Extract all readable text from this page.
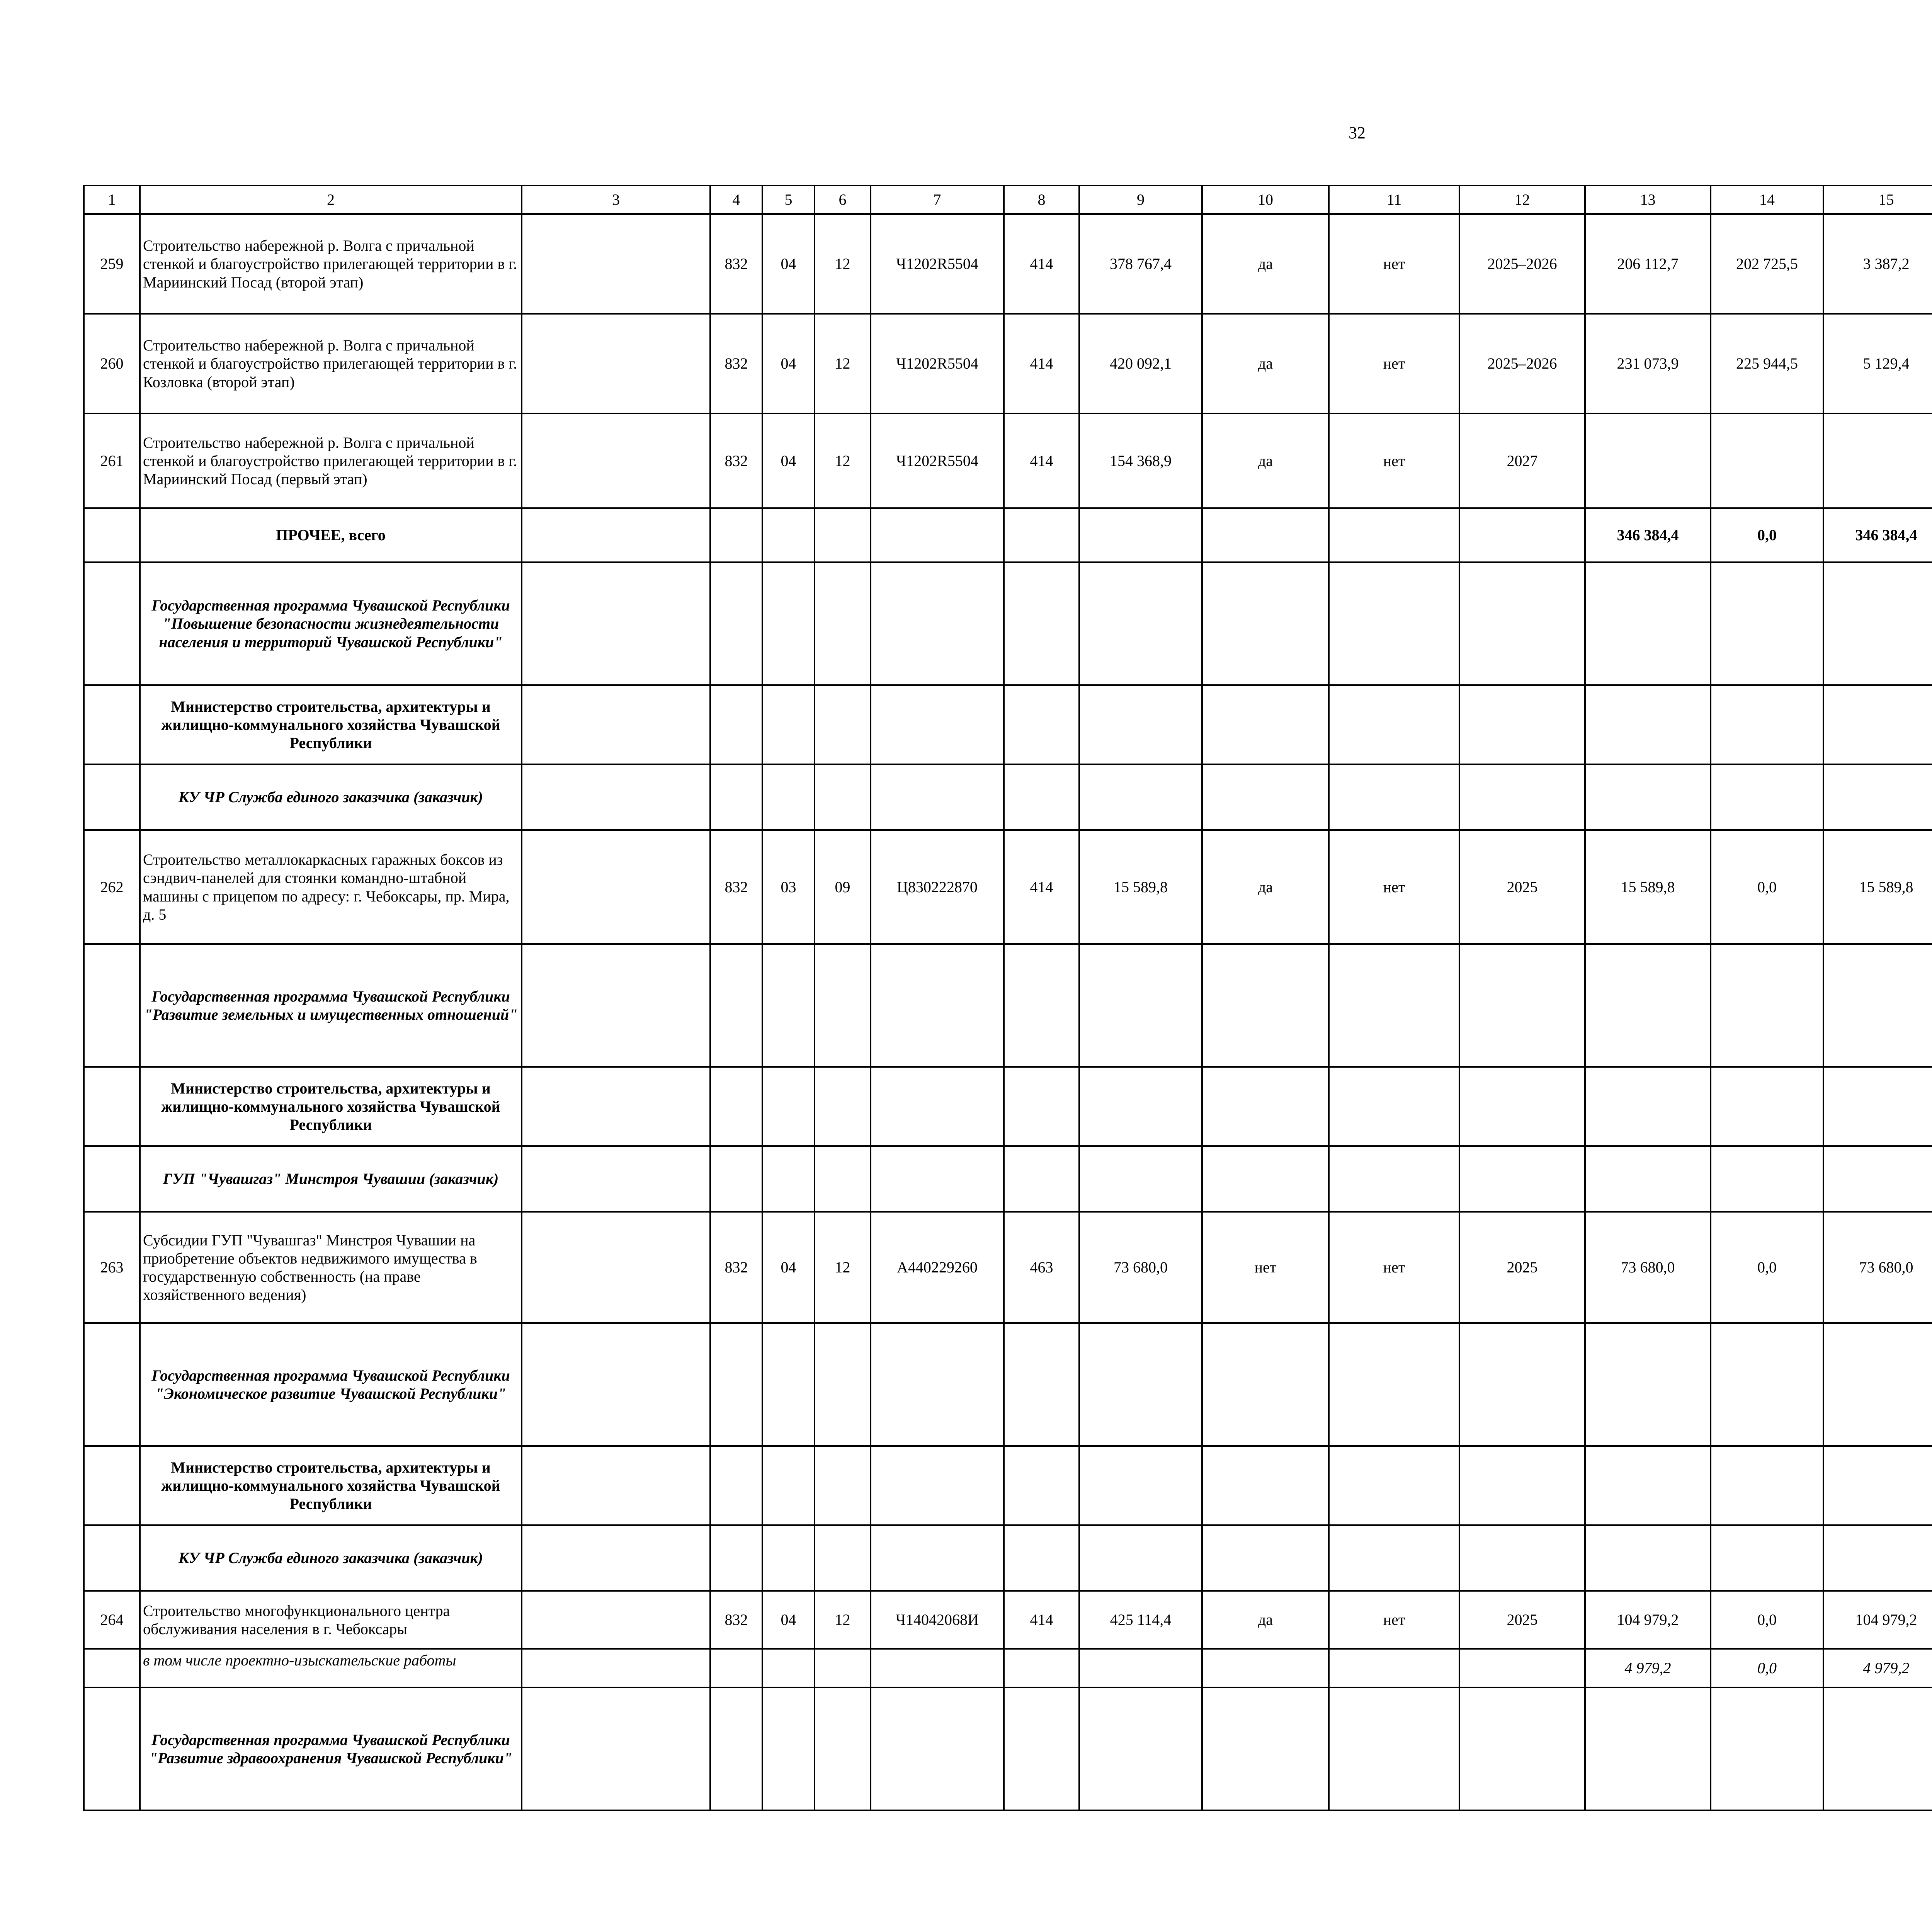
32
1	2	3	4	5	6	7	8	9	10	11	12	13	14	15						
259	Строительство набережной р. Волга с причальной стенкой и благоустройство прилегающей территории в г. Мариинский Посад (второй этап)		832	04	12	Ч1202R5504	414	378 767,4	да	нет	2025–2026	206 112,7	202 725,5	3 387,2						
260	Строительство набережной р. Волга с причальной стенкой и благоустройство прилегающей территории в г. Козловка (второй этап)		832	04	12	Ч1202R5504	414	420 092,1	да	нет	2025–2026	231 073,9	225 944,5	5 129,4						
261	Строительство набережной р. Волга с причальной стенкой и благоустройство прилегающей территории в г. Мариинский Посад (первый этап)		832	04	12	Ч1202R5504	414	154 368,9	да	нет	2027									
	ПРОЧЕЕ, всего											346 384,4	0,0	346 384,4						
	Государственная программа Чувашской Республики "Повышение безопасности жизнедеятельности населения и территорий Чувашской Республики"																			
	Министерство строительства, архитектуры и жилищно-коммунального хозяйства Чувашской Республики																			
	КУ ЧР Служба единого заказчика (заказчик)																			
262	Строительство металлокаркасных гаражных боксов из сэндвич-панелей для стоянки командно-штабной машины с прицепом по адресу: г. Чебоксары, пр. Мира, д. 5		832	03	09	Ц830222870	414	15 589,8	да	нет	2025	15 589,8	0,0	15 589,8						
	Государственная программа Чувашской Республики "Развитие земельных и имущественных отношений"																			
	Министерство строительства, архитектуры и жилищно-коммунального хозяйства Чувашской Республики																			
	ГУП "Чувашгаз" Минстроя Чувашии (заказчик)																			
263	Субсидии ГУП "Чувашгаз" Минстроя Чувашии на приобретение объектов недвижимого имущества в государственную собственность (на праве хозяйственного ведения)		832	04	12	А440229260	463	73 680,0	нет	нет	2025	73 680,0	0,0	73 680,0						
	Государственная программа Чувашской Республики "Экономическое развитие Чувашской Республики"																			
	Министерство строительства, архитектуры и жилищно-коммунального хозяйства Чувашской Республики																			
	КУ ЧР Служба единого заказчика (заказчик)																			
264	Строительство многофункционального центра обслуживания населения в г. Чебоксары		832	04	12	Ч14042068И	414	425 114,4	да	нет	2025	104 979,2	0,0	104 979,2						
	в том числе проектно-изыскательские работы											4 979,2	0,0	4 979,2						
	Государственная программа Чувашской Республики "Развитие здравоохранения Чувашской Республики"																			
